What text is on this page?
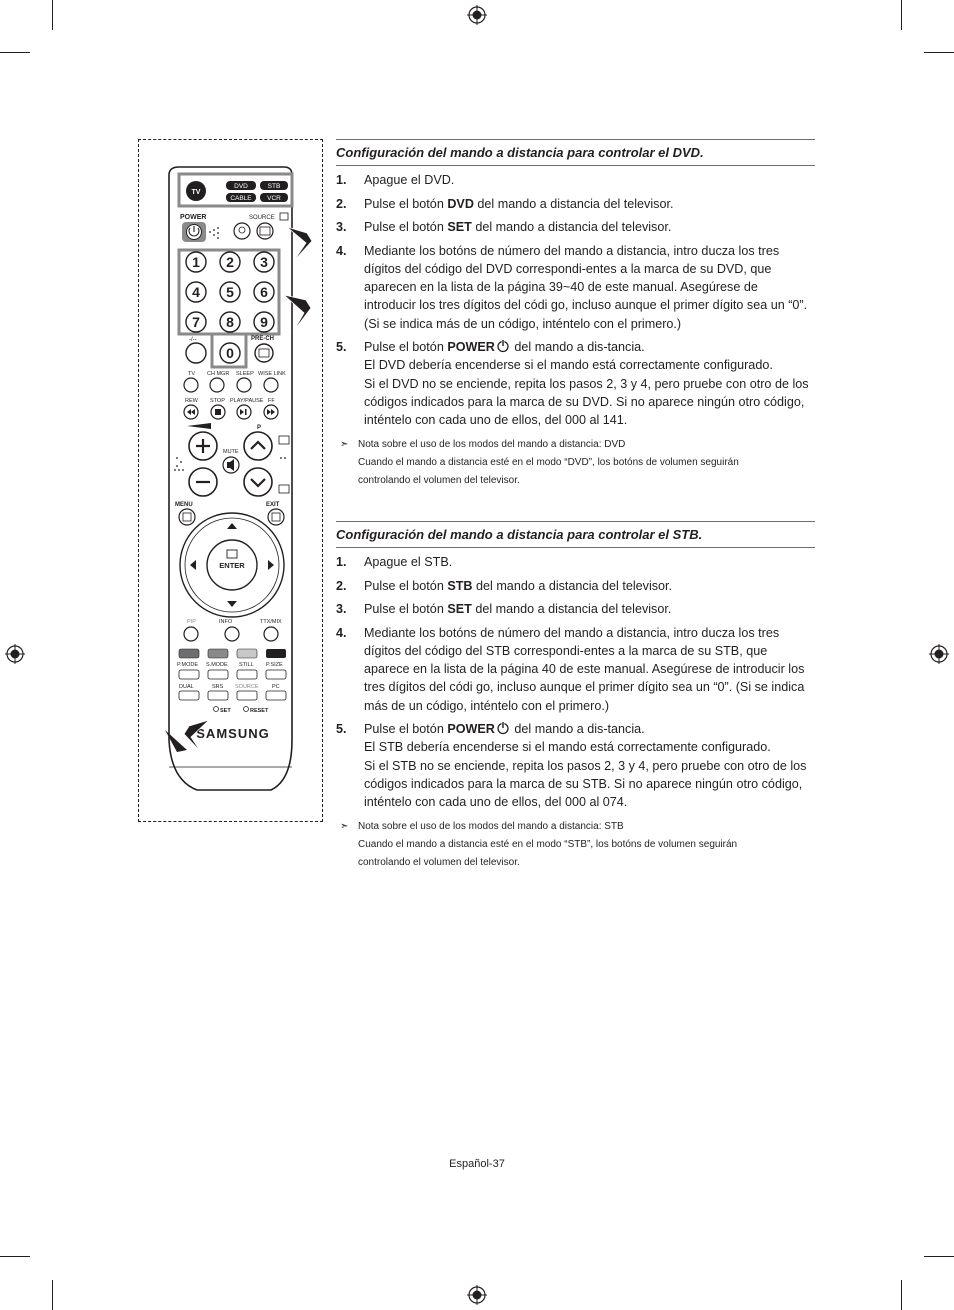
TV
DVD	STB
CABLE VCR
POWER	SOURCE
1 2 3
4 5 6
7 8 9
0
-/--	PRE-CH
TV CH MGR SLEEP WISE LINK
REW STOP PLAY/PAUSE FF
P
MUTE
MENU	EXIT
ENTER
PIP	INFO	TTX/MIX
P.MODE S.MODE STILL P.SIZE
DUAL	SRS SOURCE PC
SET	RESET
SAMSUNG
Configuración del mando a distancia para controlar el DVD.
1. Apague el DVD.
2. Pulse el botón DVD del mando a distancia del televisor.
3. Pulse el botón SET del mando a distancia del televisor.
4. Mediante los botóns de número del mando a distancia, intro ducza los tres dígitos del código del DVD correspondi-entes a la marca de su DVD, que aparecen en la lista de la página 39~40 de este manual. Asegúrese de introducir los tres dígitos del códi go, incluso aunque el primer dígito sea un “0”. (Si se indica más de un código, inténtelo con el primero.)
5. Pulse el botón POWER del mando a dis-tancia.
El DVD debería encenderse si el mando está correctamente configurado.
Si el DVD no se enciende, repita los pasos 2, 3 y 4, pero pruebe con otro de los códigos indicados para la marca de su DVD. Si no aparece ningún otro código, inténtelo con cada uno de ellos, del 000 al 141.
➣ Nota sobre el uso de los modos del mando a distancia: DVD
Cuando el mando a distancia esté en el modo “DVD”, los botóns de volumen seguirán
controlando el volumen del televisor.
Configuración del mando a distancia para controlar el STB.
1. Apague el STB.
2. Pulse el botón STB del mando a distancia del televisor.
3. Pulse el botón SET del mando a distancia del televisor.
4. Mediante los botóns de número del mando a distancia, intro ducza los tres dígitos del código del STB correspondi-entes a la marca de su STB, que aparece en la lista de la página 40 de este manual. Asegúrese de introducir los tres dígitos del códi go, incluso aunque el primer dígito sea un “0”. (Si se indica más de un código, inténtelo con el primero.)
5. Pulse el botón POWER del mando a dis-tancia.
El STB debería encenderse si el mando está correctamente configurado.
Si el STB no se enciende, repita los pasos 2, 3 y 4, pero pruebe con otro de los códigos indicados para la marca de su STB. Si no aparece ningún otro código, inténtelo con cada uno de ellos, del 000 al 074.
➣ Nota sobre el uso de los modos del mando a distancia: STB
Cuando el mando a distancia esté en el modo “STB”, los botóns de volumen seguirán
controlando el volumen del televisor.
Español-37
